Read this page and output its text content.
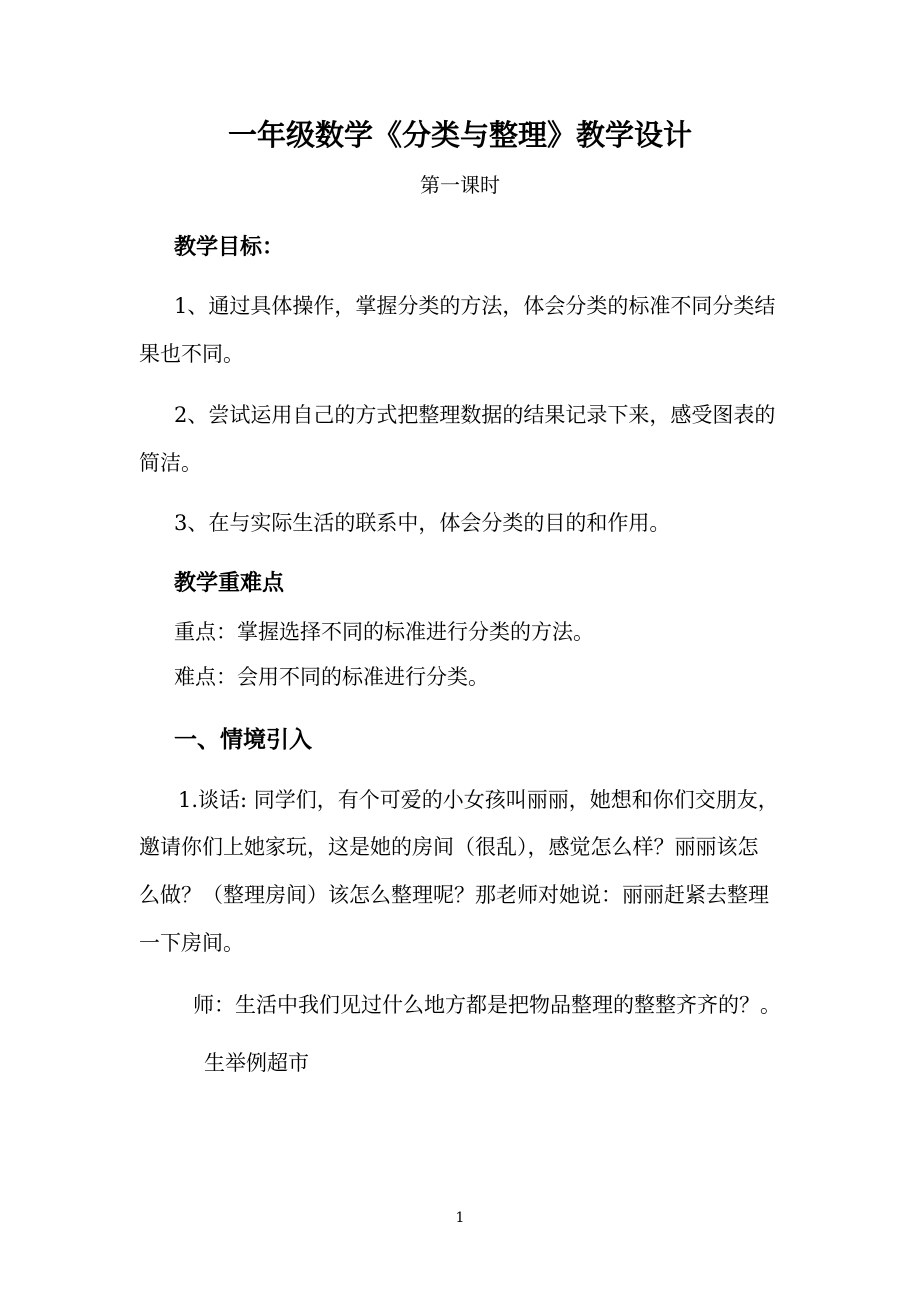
一年级数学《分类与整理》教学设计

第一课时

教学目标：

1、通过具体操作，掌握分类的方法，体会分类的标准不同分类结

果也不同。

2、尝试运用自己的方式把整理数据的结果记录下来，感受图表的

简洁。

3、在与实际生活的联系中，体会分类的目的和作用。

教学重难点

重点：掌握选择不同的标准进行分类的方法。

难点：会用不同的标准进行分类。

一、情境引入

1.谈话: 同学们，有个可爱的小女孩叫丽丽，她想和你们交朋友，

邀请你们上她家玩，这是她的房间（很乱），感觉怎么样？丽丽该怎

么做？（整理房间）该怎么整理呢？那老师对她说：丽丽赶紧去整理

一下房间。

师：生活中我们见过什么地方都是把物品整理的整整齐齐的？。

生举例超市

1
